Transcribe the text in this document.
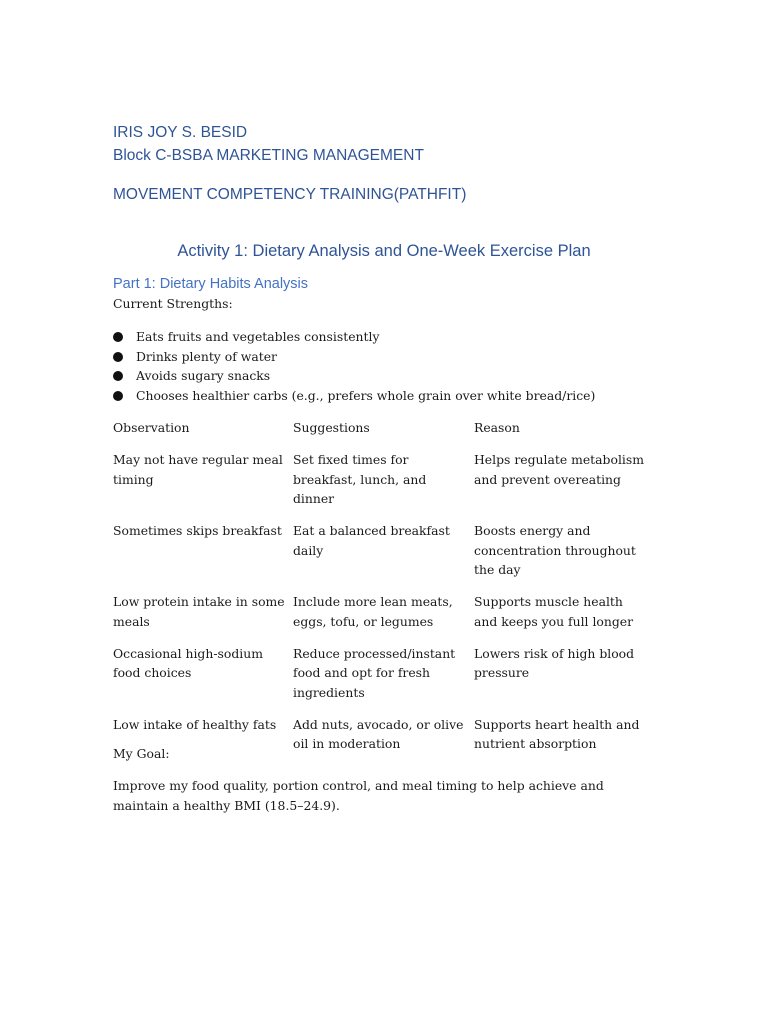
IRIS JOY S. BESID

Block C-BSBA MARKETING MANAGEMENT

MOVEMENT COMPETENCY TRAINING(PATHFIT)

Activity 1: Dietary Analysis and One-Week Exercise Plan

Part 1: Dietary Habits Analysis

Current Strengths:

Eats fruits and vegetables consistently
Drinks plenty of water
Avoids sugary snacks
Chooses healthier carbs (e.g., prefers whole grain over white bread/rice)
Observation	Suggestions	Reason
May not have regular meal timing	Set fixed times for breakfast, lunch, and dinner	Helps regulate metabolism and prevent overeating
Sometimes skips breakfast	Eat a balanced breakfast daily	Boosts energy and concentration throughout the day
Low protein intake in some meals	Include more lean meats, eggs, tofu, or legumes	Supports muscle health and keeps you full longer
Occasional high-sodium food choices	Reduce processed/instant food and opt for fresh ingredients	Lowers risk of high blood pressure
Low intake of healthy fats	Add nuts, avocado, or olive oil in moderation	Supports heart health and nutrient absorption

My Goal:

Improve my food quality, portion control, and meal timing to help achieve and maintain a healthy BMI (18.5–24.9).
